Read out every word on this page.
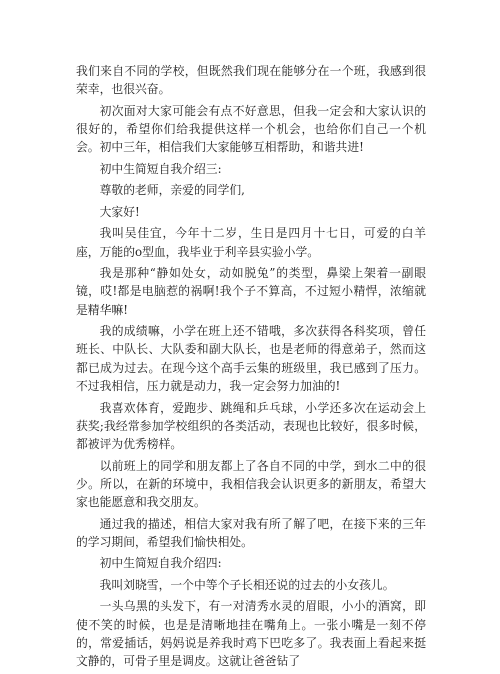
我们来自不同的学校，但既然我们现在能够分在一个班，我感到很荣幸，也很兴奋。

初次面对大家可能会有点不好意思，但我一定会和大家认识的很好的，希望你们给我提供这样一个机会，也给你们自己一个机会。初中三年，相信我们大家能够互相帮助，和谐共进!

初中生简短自我介绍三:

尊敬的老师，亲爱的同学们,

大家好!

我叫吴佳宜，今年十二岁，生日是四月十七日，可爱的白羊座，万能的o型血，我毕业于利辛县实验小学。

我是那种“静如处女，动如脱兔”的类型，鼻梁上架着一副眼镜，哎!都是电脑惹的祸啊!我个子不算高，不过短小精悍，浓缩就是精华嘛!

我的成绩嘛，小学在班上还不错哦，多次获得各科奖项，曾任班长、中队长、大队委和副大队长，也是老师的得意弟子，然而这都已成为过去。在现今这个高手云集的班级里，我已感到了压力。不过我相信，压力就是动力，我一定会努力加油的!

我喜欢体育，爱跑步、跳绳和乒乓球，小学还多次在运动会上获奖;我经常参加学校组织的各类活动，表现也比较好，很多时候，都被评为优秀榜样。

以前班上的同学和朋友都上了各自不同的中学，到水二中的很少。所以，在新的环境中，我相信我会认识更多的新朋友，希望大家也能愿意和我交朋友。

通过我的描述，相信大家对我有所了解了吧，在接下来的三年的学习期间，希望我们愉快相处。

初中生简短自我介绍四:

我叫刘晓雪，一个中等个子长相还说的过去的小女孩儿。

一头乌黑的头发下，有一对清秀水灵的眉眼，小小的酒窝，即使不笑的时候，也是是清晰地挂在嘴角上。一张小嘴是一刻不停的，常爱插话，妈妈说是养我时鸡下巴吃多了。我表面上看起来挺文静的，可骨子里是调皮。这就让爸爸钻了
